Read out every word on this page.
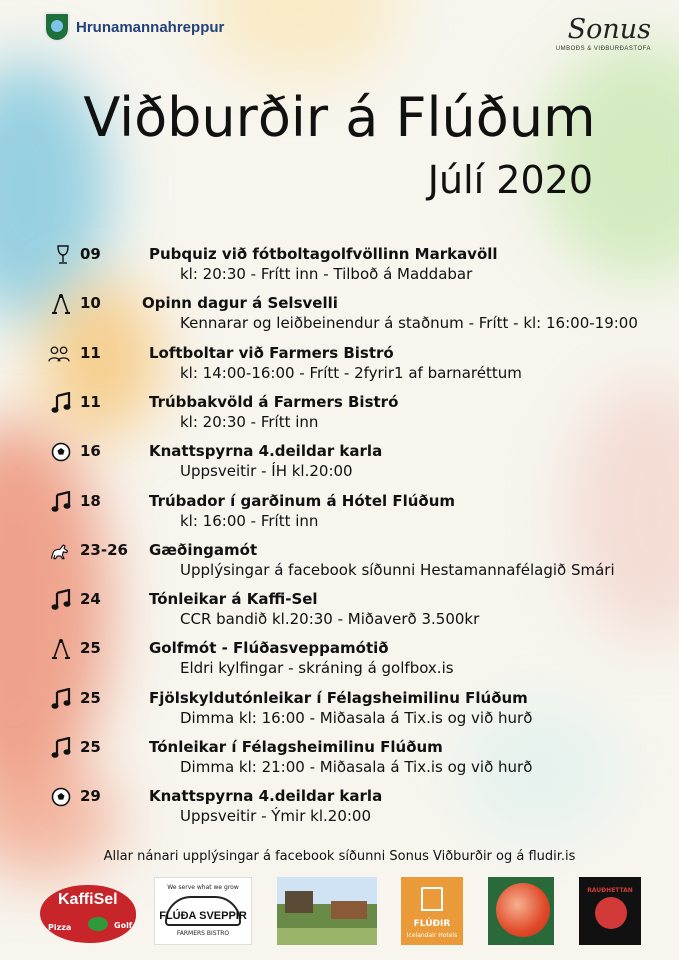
Hrunamannahreppur	Sonus
UMBOÐS & VIÐBURÐASTOFA
Viðburðir á Flúðum
Júlí 2020
09	Pubquiz við fótboltagolfvöllinn Markavöll
kl: 20:30 - Frítt inn - Tilboð á Maddabar
10	Opinn dagur á Selsvelli
Kennarar og leiðbeinendur á staðnum - Frítt - kl: 16:00-19:00
11	Loftboltar við Farmers Bistró
kl: 14:00-16:00 - Frítt - 2fyrir1 af barnaréttum
11	Trúbbakvöld á Farmers Bistró
kl: 20:30 - Frítt inn
16	Knattspyrna 4.deildar karla
Uppsveitir - ÍH kl.20:00
18	Trúbador í garðinum á Hótel Flúðum
kl: 16:00 - Frítt inn
23-26 Gæðingamót
Upplýsingar á facebook síðunni Hestamannafélagið Smári
24	Tónleikar á Kaffi-Sel
CCR bandið kl.20:30 - Miðaverð 3.500kr
25	Golfmót - Flúðasveppamótið
Eldri kylfingar - skráning á golfbox.is
25	Fjölskyldutónleikar í Félagsheimilinu Flúðum
Dimma kl: 16:00 - Miðasala á Tix.is og við hurð
25	Tónleikar í Félagsheimilinu Flúðum
Dimma kl: 21:00 - Miðasala á Tix.is og við hurð
29	Knattspyrna 4.deildar karla
Uppsveitir - Ýmir kl.20:00
Allar nánari upplýsingar á facebook síðunni Sonus Viðburðir og á fludir.is
KaffiSel
Pizza	Golf
We serve what we grow
FLÚÐA SVEPPIR
FARMERS BISTRO
FLÚÐIR
Icelandair Hotels
RAUÐHETTAN
